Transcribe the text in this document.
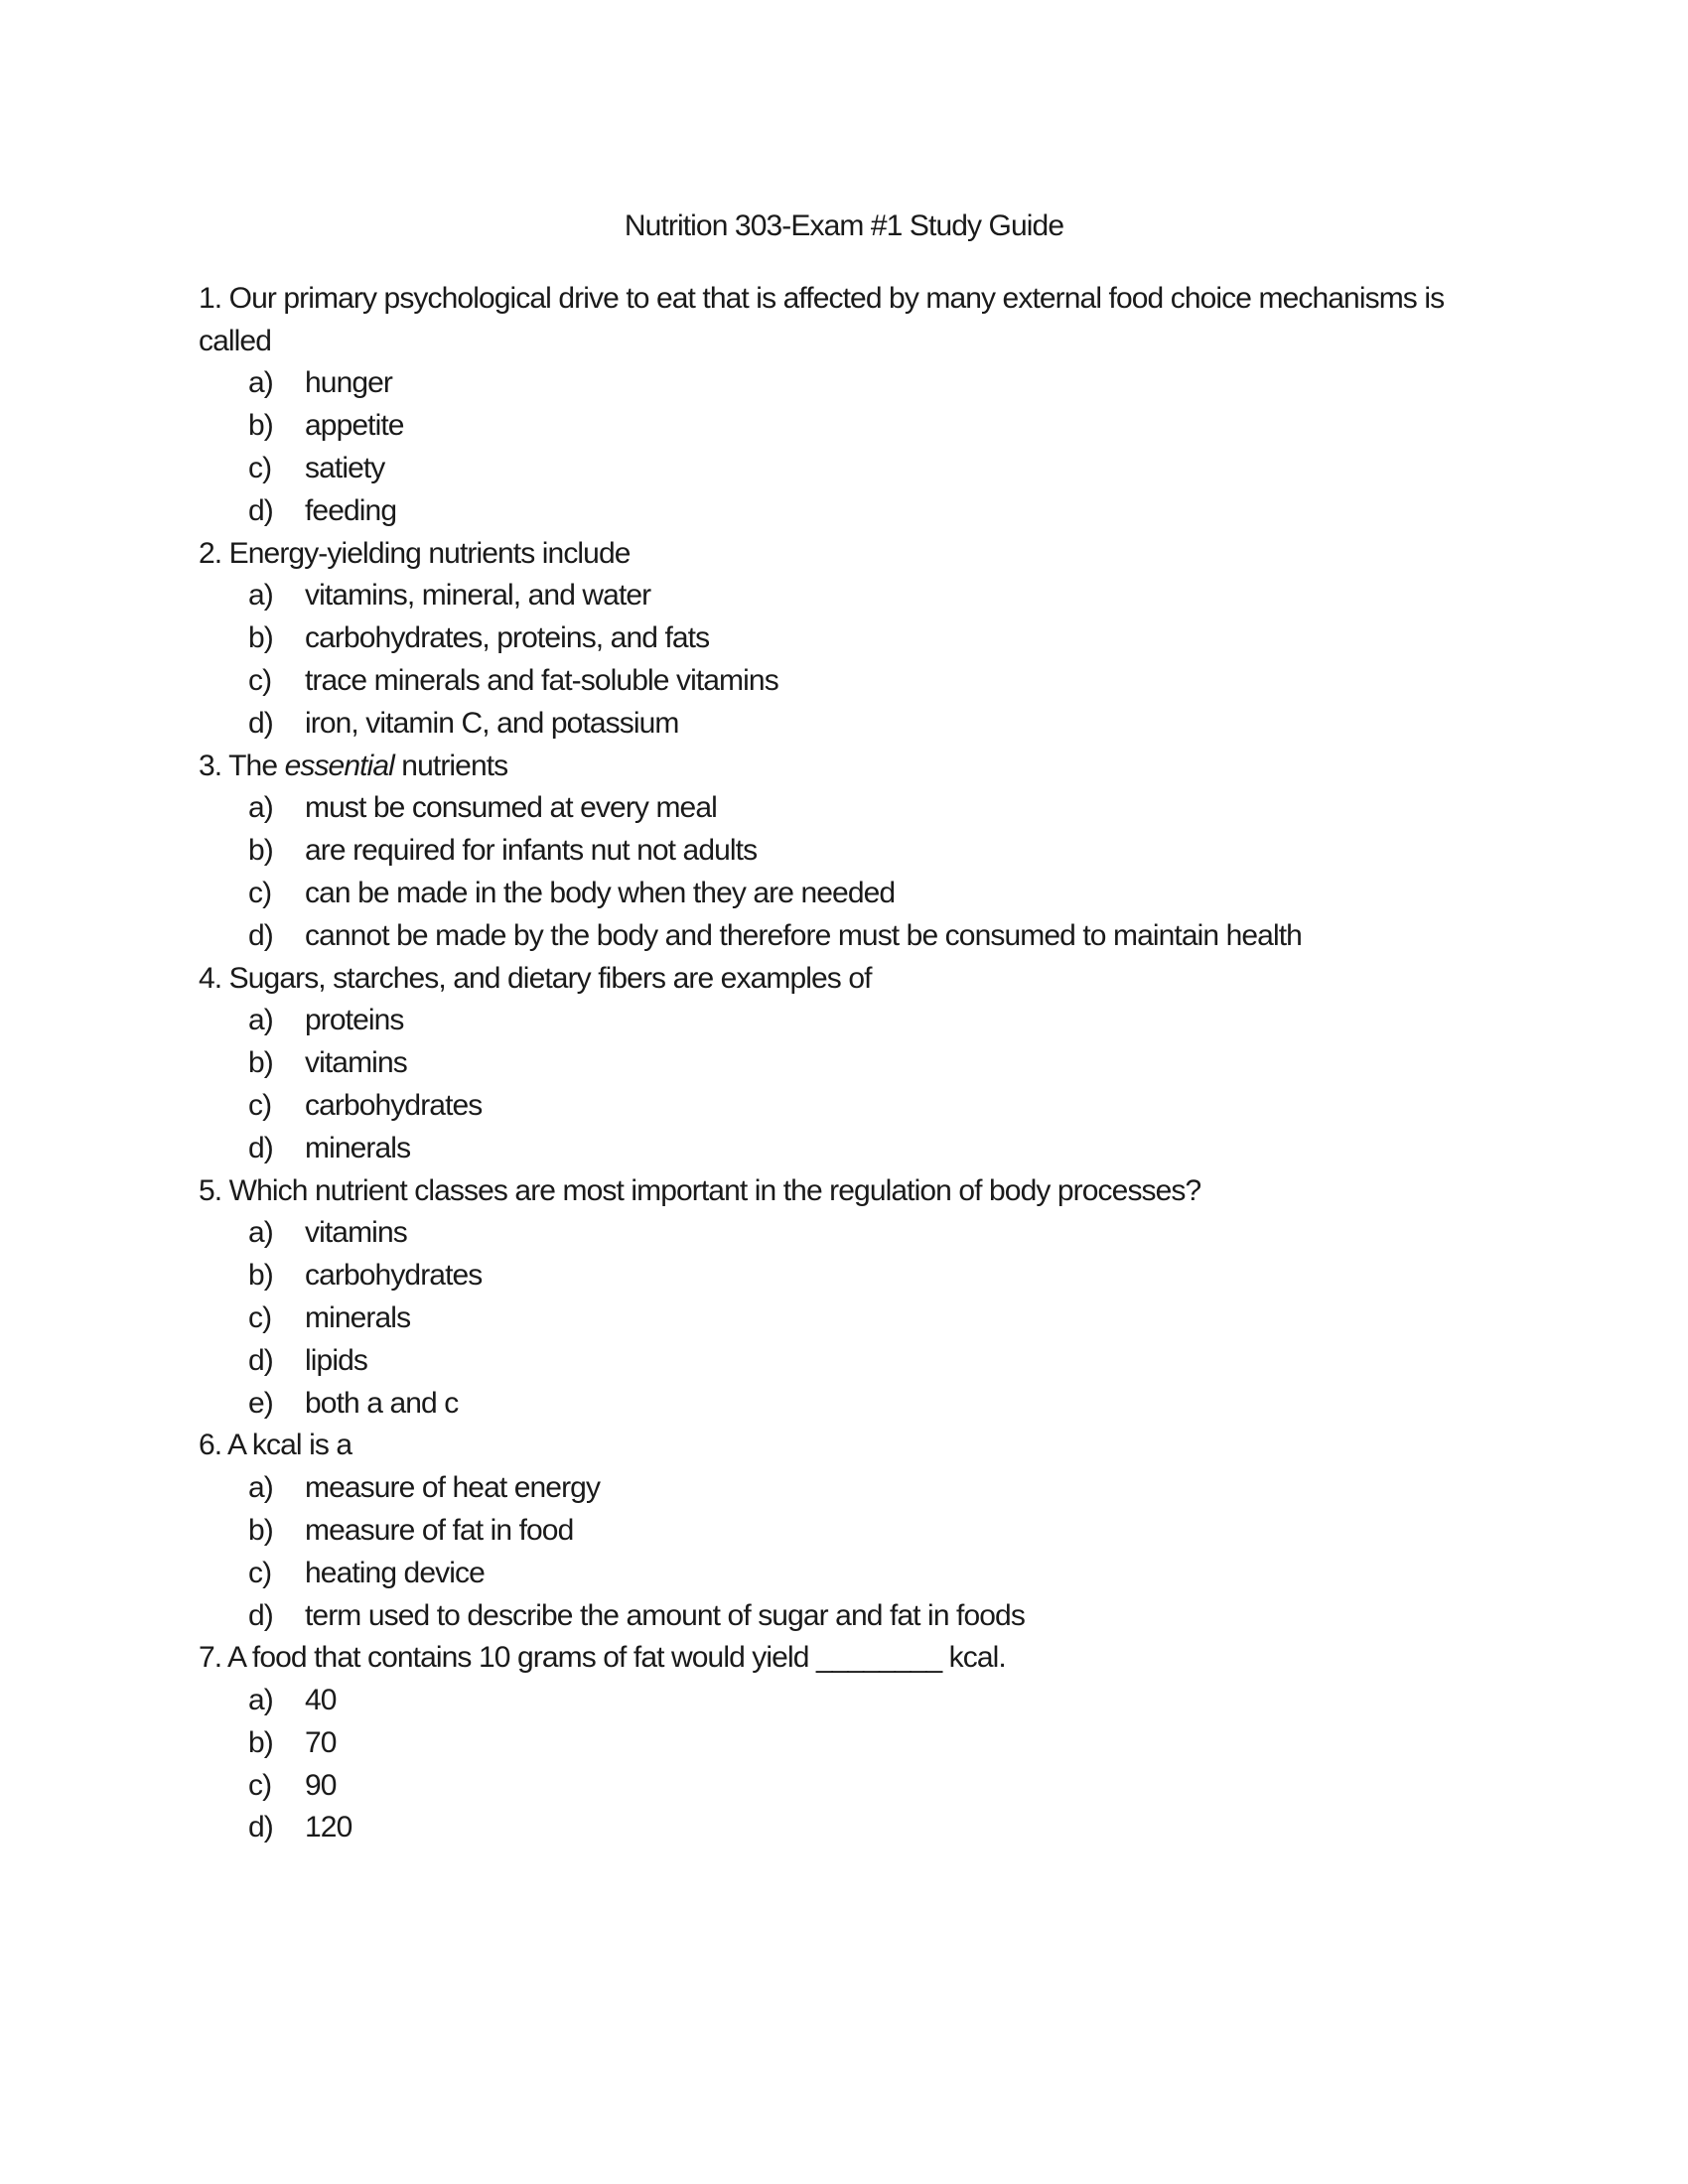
Nutrition 303-Exam #1 Study Guide
1. Our primary psychological drive to eat that is affected by many external food choice mechanisms is
called
a)	hunger
b)	appetite
c)	satiety
d)	feeding
2. Energy-yielding nutrients include
a)	vitamins, mineral, and water
b)	carbohydrates, proteins, and fats
c)	trace minerals and fat-soluble vitamins
d)	iron, vitamin C, and potassium
3. The essential nutrients
a)	must be consumed at every meal
b)	are required for infants nut not adults
c)	can be made in the body when they are needed
d)	cannot be made by the body and therefore must be consumed to maintain health
4. Sugars, starches, and dietary fibers are examples of
a)	proteins
b)	vitamins
c)	carbohydrates
d)	minerals
5. Which nutrient classes are most important in the regulation of body processes?
a)	vitamins
b)	carbohydrates
c)	minerals
d)	lipids
e)	both a and c
6. A kcal is a
a)	measure of heat energy
b)	measure of fat in food
c)	heating device
d)	term used to describe the amount of sugar and fat in foods
7. A food that contains 10 grams of fat would yield ________ kcal.
a)	40
b)	70
c)	90
d)	120
